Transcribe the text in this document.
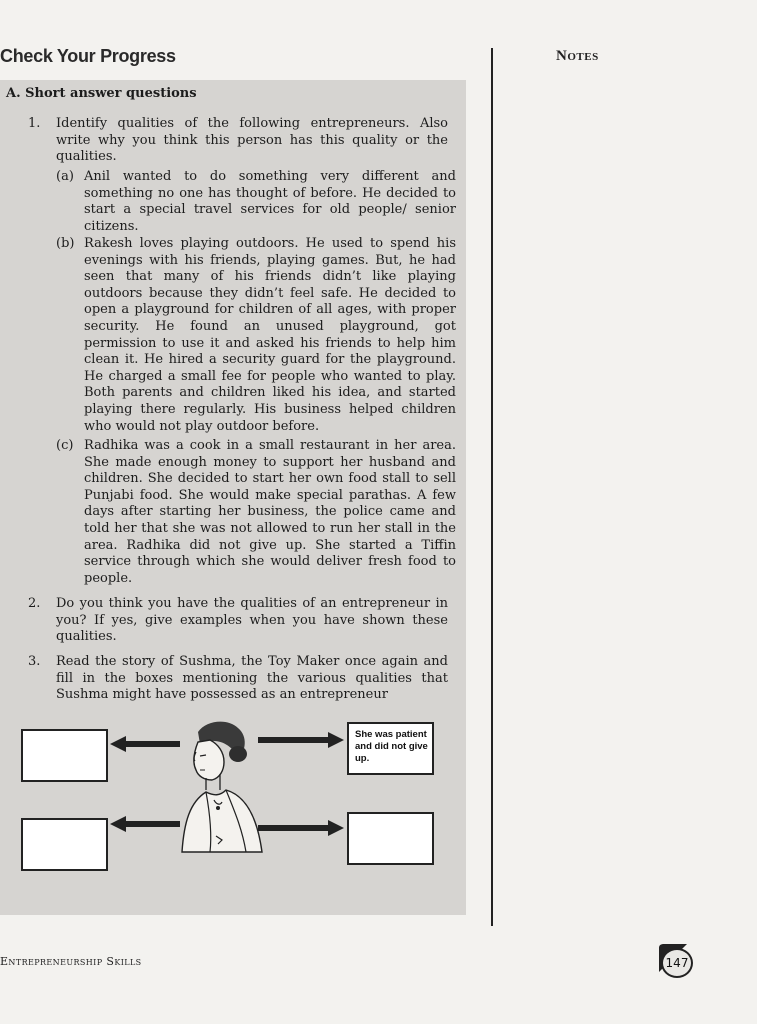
Check Your Progress	Notes
A. Short answer questions
1. Identify qualities of the following entrepreneurs. Also write why you think this person has this quality or the qualities.
(a) Anil wanted to do something very different and something no one has thought of before. He decided to start a special travel services for old people/ senior citizens.
(b) Rakesh loves playing outdoors. He used to spend his evenings with his friends, playing games. But, he had seen that many of his friends didn’t like playing outdoors because they didn’t feel safe. He decided to open a playground for children of all ages, with proper security. He found an unused playground, got permission to use it and asked his friends to help him clean it. He hired a security guard for the playground. He charged a small fee for people who wanted to play. Both parents and children liked his idea, and started playing there regularly. His business helped children who would not play outdoor before.
(c) Radhika was a cook in a small restaurant in her area. She made enough money to support her husband and children. She decided to start her own food stall to sell Punjabi food. She would make special parathas. A few days after starting her business, the police came and told her that she was not allowed to run her stall in the area. Radhika did not give up. She started a Tiffin service through which she would deliver fresh food to people.
2. Do you think you have the qualities of an entrepreneur in you? If yes, give examples when you have shown these qualities.
3. Read the story of Sushma, the Toy Maker once again and fill in the boxes mentioning the various qualities that Sushma might have possessed as an entrepreneur
She was patient and did not give up.
Entrepreneurship Skills	147
